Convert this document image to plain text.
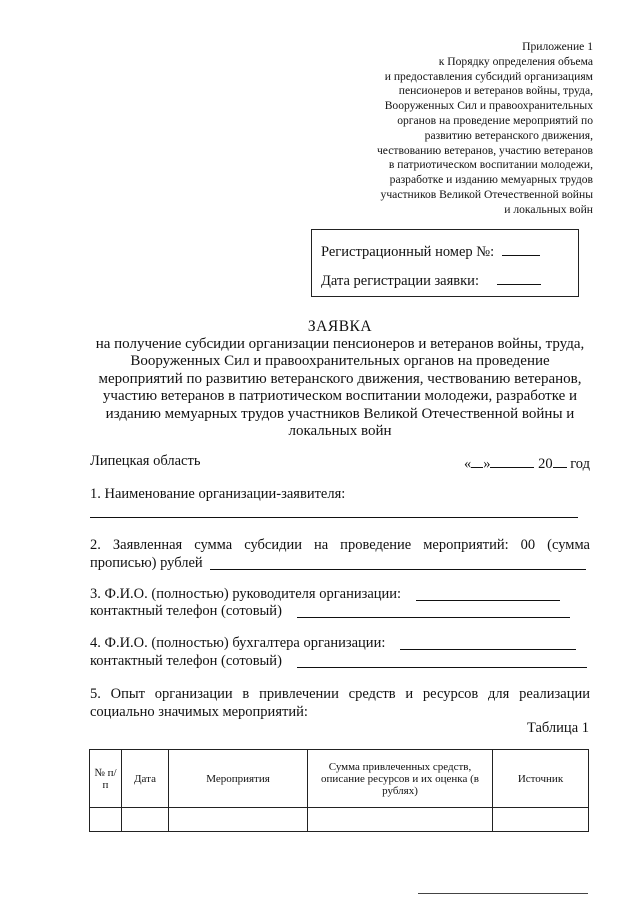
Приложение 1
к Порядку определения объема
и предоставления субсидий организациям
пенсионеров и ветеранов войны, труда,
Вооруженных Сил и правоохранительных
органов на проведение мероприятий по
развитию ветеранского движения,
чествованию ветеранов, участию ветеранов
в патриотическом воспитании молодежи,
разработке и изданию мемуарных трудов
участников Великой Отечественной войны
и локальных войн
Регистрационный номер №:
Дата регистрации заявки:
ЗАЯВКА
на получение субсидии организации пенсионеров и ветеранов войны, труда,
Вооруженных Сил и правоохранительных органов на проведение
мероприятий по развитию ветеранского движения, чествованию ветеранов,
участию ветеранов в патриотическом воспитании молодежи, разработке и
изданию мемуарных трудов участников Великой Отечественной войны и
локальных войн
Липецкая область	« »	20 год
1. Наименование организации-заявителя:
2. Заявленная сумма субсидии на проведение мероприятий: 00 (сумма
прописью) рублей
3. Ф.И.О. (полностью) руководителя организации:
контактный телефон (сотовый)
4. Ф.И.О. (полностью) бухгалтера организации:
контактный телефон (сотовый)
5. Опыт организации в привлечении средств и ресурсов для реализации
социально значимых мероприятий:
Таблица 1
№ п/п	Дата	Мероприятия	Сумма привлеченных средств, описание ресурсов и их оценка (в рублях)	Источник
